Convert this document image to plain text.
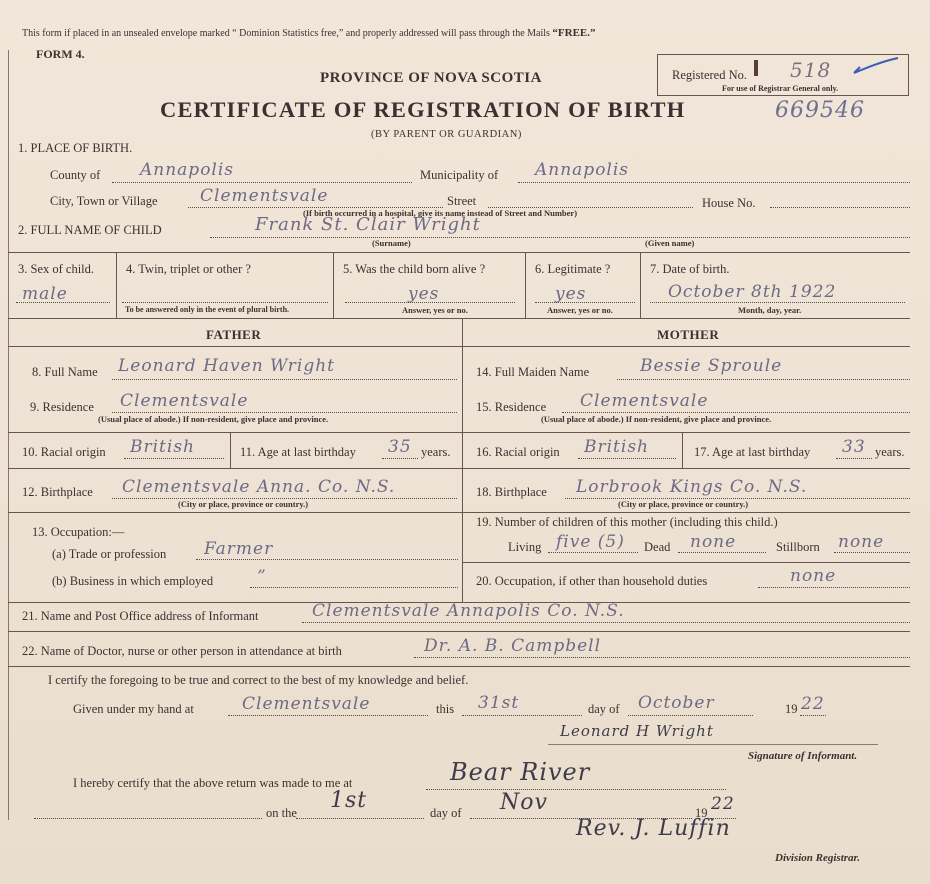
This form if placed in an unsealed envelope marked “ Dominion Statistics free,” and properly addressed will pass through the Mails “FREE.”
FORM 4.
PROVINCE OF NOVA SCOTIA
CERTIFICATE OF REGISTRATION OF BIRTH
(BY PARENT OR GUARDIAN)
Registered No. 518
For use of Registrar General only.
669546
1. PLACE OF BIRTH.
County of Annapolis	Municipality of Annapolis
City, Town or Village Clementsvale	Street	House No.
(If birth occurred in a hospital, give its name instead of Street and Number)
2. FULL NAME OF CHILD	Frank St. Clair Wright
(Surname)	(Given name)
3. Sex of child.
male
4. Twin, triplet or other ?
To be answered only in the event of plural birth.
5. Was the child born alive ?
yes
Answer, yes or no.
6. Legitimate ?
yes
Answer, yes or no.
7. Date of birth.
October 8th 1922
Month, day, year.
FATHER	MOTHER
8. Full Name Leonard Haven Wright
9. Residence Clementsvale
(Usual place of abode.) If non-resident, give place and province.
10. Racial origin British	11. Age at last birthday 35 years.
12. Birthplace Clementsvale Anna. Co. N.S.
(City or place, province or country.)
13. Occupation:—
(a) Trade or profession Farmer
(b) Business in which employed	”
14. Full Maiden Name	Bessie Sproule
15. Residence Clementsvale
(Usual place of abode.) If non-resident, give place and province.
16. Racial origin British	17. Age at last birthday 33 years.
18. Birthplace Lorbrook Kings Co. N.S.
(City or place, province or country.)
19. Number of children of this mother (including this child.)
Living five (5) Dead none	Stillborn none
20. Occupation, if other than household duties	none
21. Name and Post Office address of Informant	Clementsvale Annapolis Co. N.S.
22. Name of Doctor, nurse or other person in attendance at birth	Dr. A. B. Campbell
I certify the foregoing to be true and correct to the best of my knowledge and belief.
Given under my hand at	Clementsvale	this 31st	day of October	19 22
Leonard H Wright
Signature of Informant.
I hereby certify that the above return was made to me at	Bear River
on the 1st	day of Nov	19 22
Rev. J. Luffin
Division Registrar.
